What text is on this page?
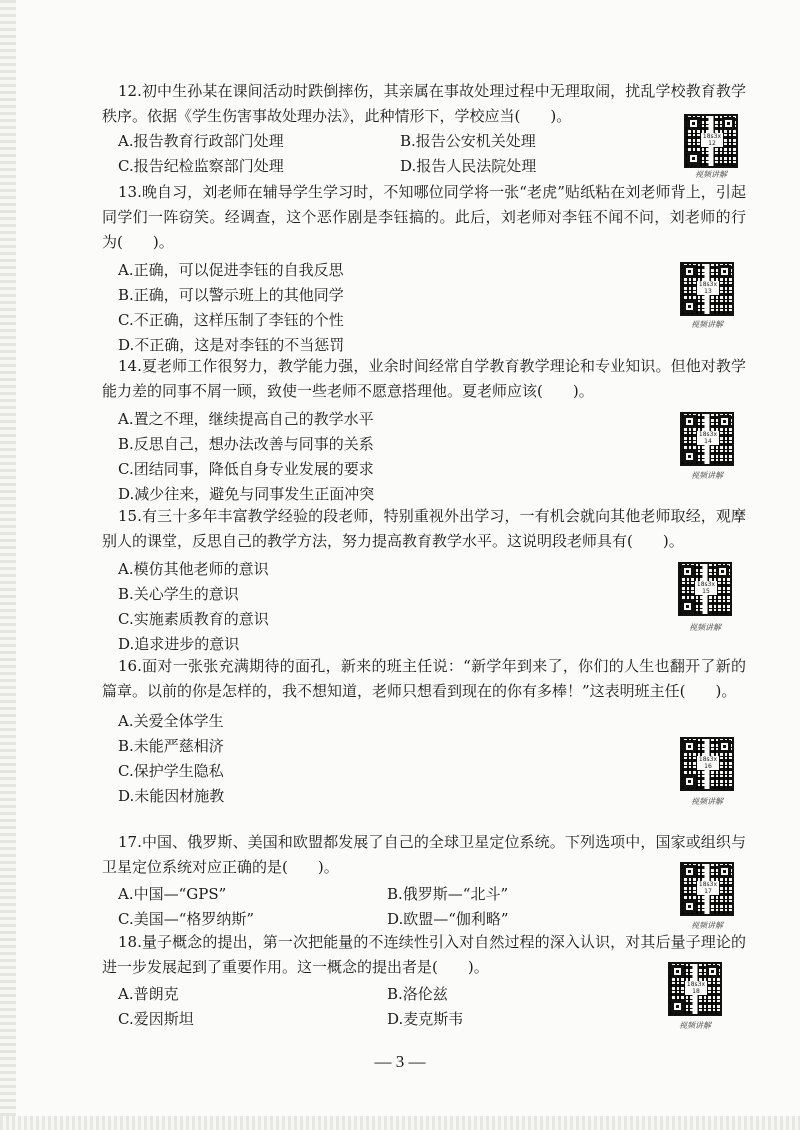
12.初中生孙某在课间活动时跌倒摔伤，其亲属在事故处理过程中无理取闹，扰乱学校教育教学秩序。依据《学生伤害事故处理办法》，此种情形下，学校应当(　　)。
A.报告教育行政部门处理	B.报告公安机关处理
C.报告纪检监察部门处理	D.报告人民法院处理
18s3x
12
视频讲解
13.晚自习，刘老师在辅导学生学习时，不知哪位同学将一张“老虎”贴纸粘在刘老师背上，引起同学们一阵窃笑。经调查，这个恶作剧是李钰搞的。此后，刘老师对李钰不闻不问，刘老师的行为(　　)。
A.正确，可以促进李钰的自我反思
B.正确，可以警示班上的其他同学
C.不正确，这样压制了李钰的个性
D.不正确，这是对李钰的不当惩罚
18s3x
13
视频讲解
14.夏老师工作很努力，教学能力强，业余时间经常自学教育教学理论和专业知识。但他对教学能力差的同事不屑一顾，致使一些老师不愿意搭理他。夏老师应该(　　)。
A.置之不理，继续提高自己的教学水平
B.反思自己，想办法改善与同事的关系
C.团结同事，降低自身专业发展的要求
D.减少往来，避免与同事发生正面冲突
18s3x
14
视频讲解
15.有三十多年丰富教学经验的段老师，特别重视外出学习，一有机会就向其他老师取经，观摩别人的课堂，反思自己的教学方法，努力提高教育教学水平。这说明段老师具有(　　)。
A.模仿其他老师的意识
B.关心学生的意识
C.实施素质教育的意识
D.追求进步的意识
18s3x
15
视频讲解
16.面对一张张充满期待的面孔，新来的班主任说：“新学年到来了，你们的人生也翻开了新的篇章。以前的你是怎样的，我不想知道，老师只想看到现在的你有多棒！”这表明班主任(　　)。
A.关爱全体学生
B.未能严慈相济
C.保护学生隐私
D.未能因材施教
18s3x
16
视频讲解
17.中国、俄罗斯、美国和欧盟都发展了自己的全球卫星定位系统。下列选项中，国家或组织与卫星定位系统对应正确的是(　　)。
A.中国—“GPS”	B.俄罗斯—“北斗”
C.美国—“格罗纳斯”	D.欧盟—“伽利略”
18s3x
17
视频讲解
18.量子概念的提出，第一次把能量的不连续性引入对自然过程的深入认识，对其后量子理论的进一步发展起到了重要作用。这一概念的提出者是(　　)。
A.普朗克	B.洛伦兹
C.爱因斯坦	D.麦克斯韦
18s3x
18
视频讲解
— 3 —
